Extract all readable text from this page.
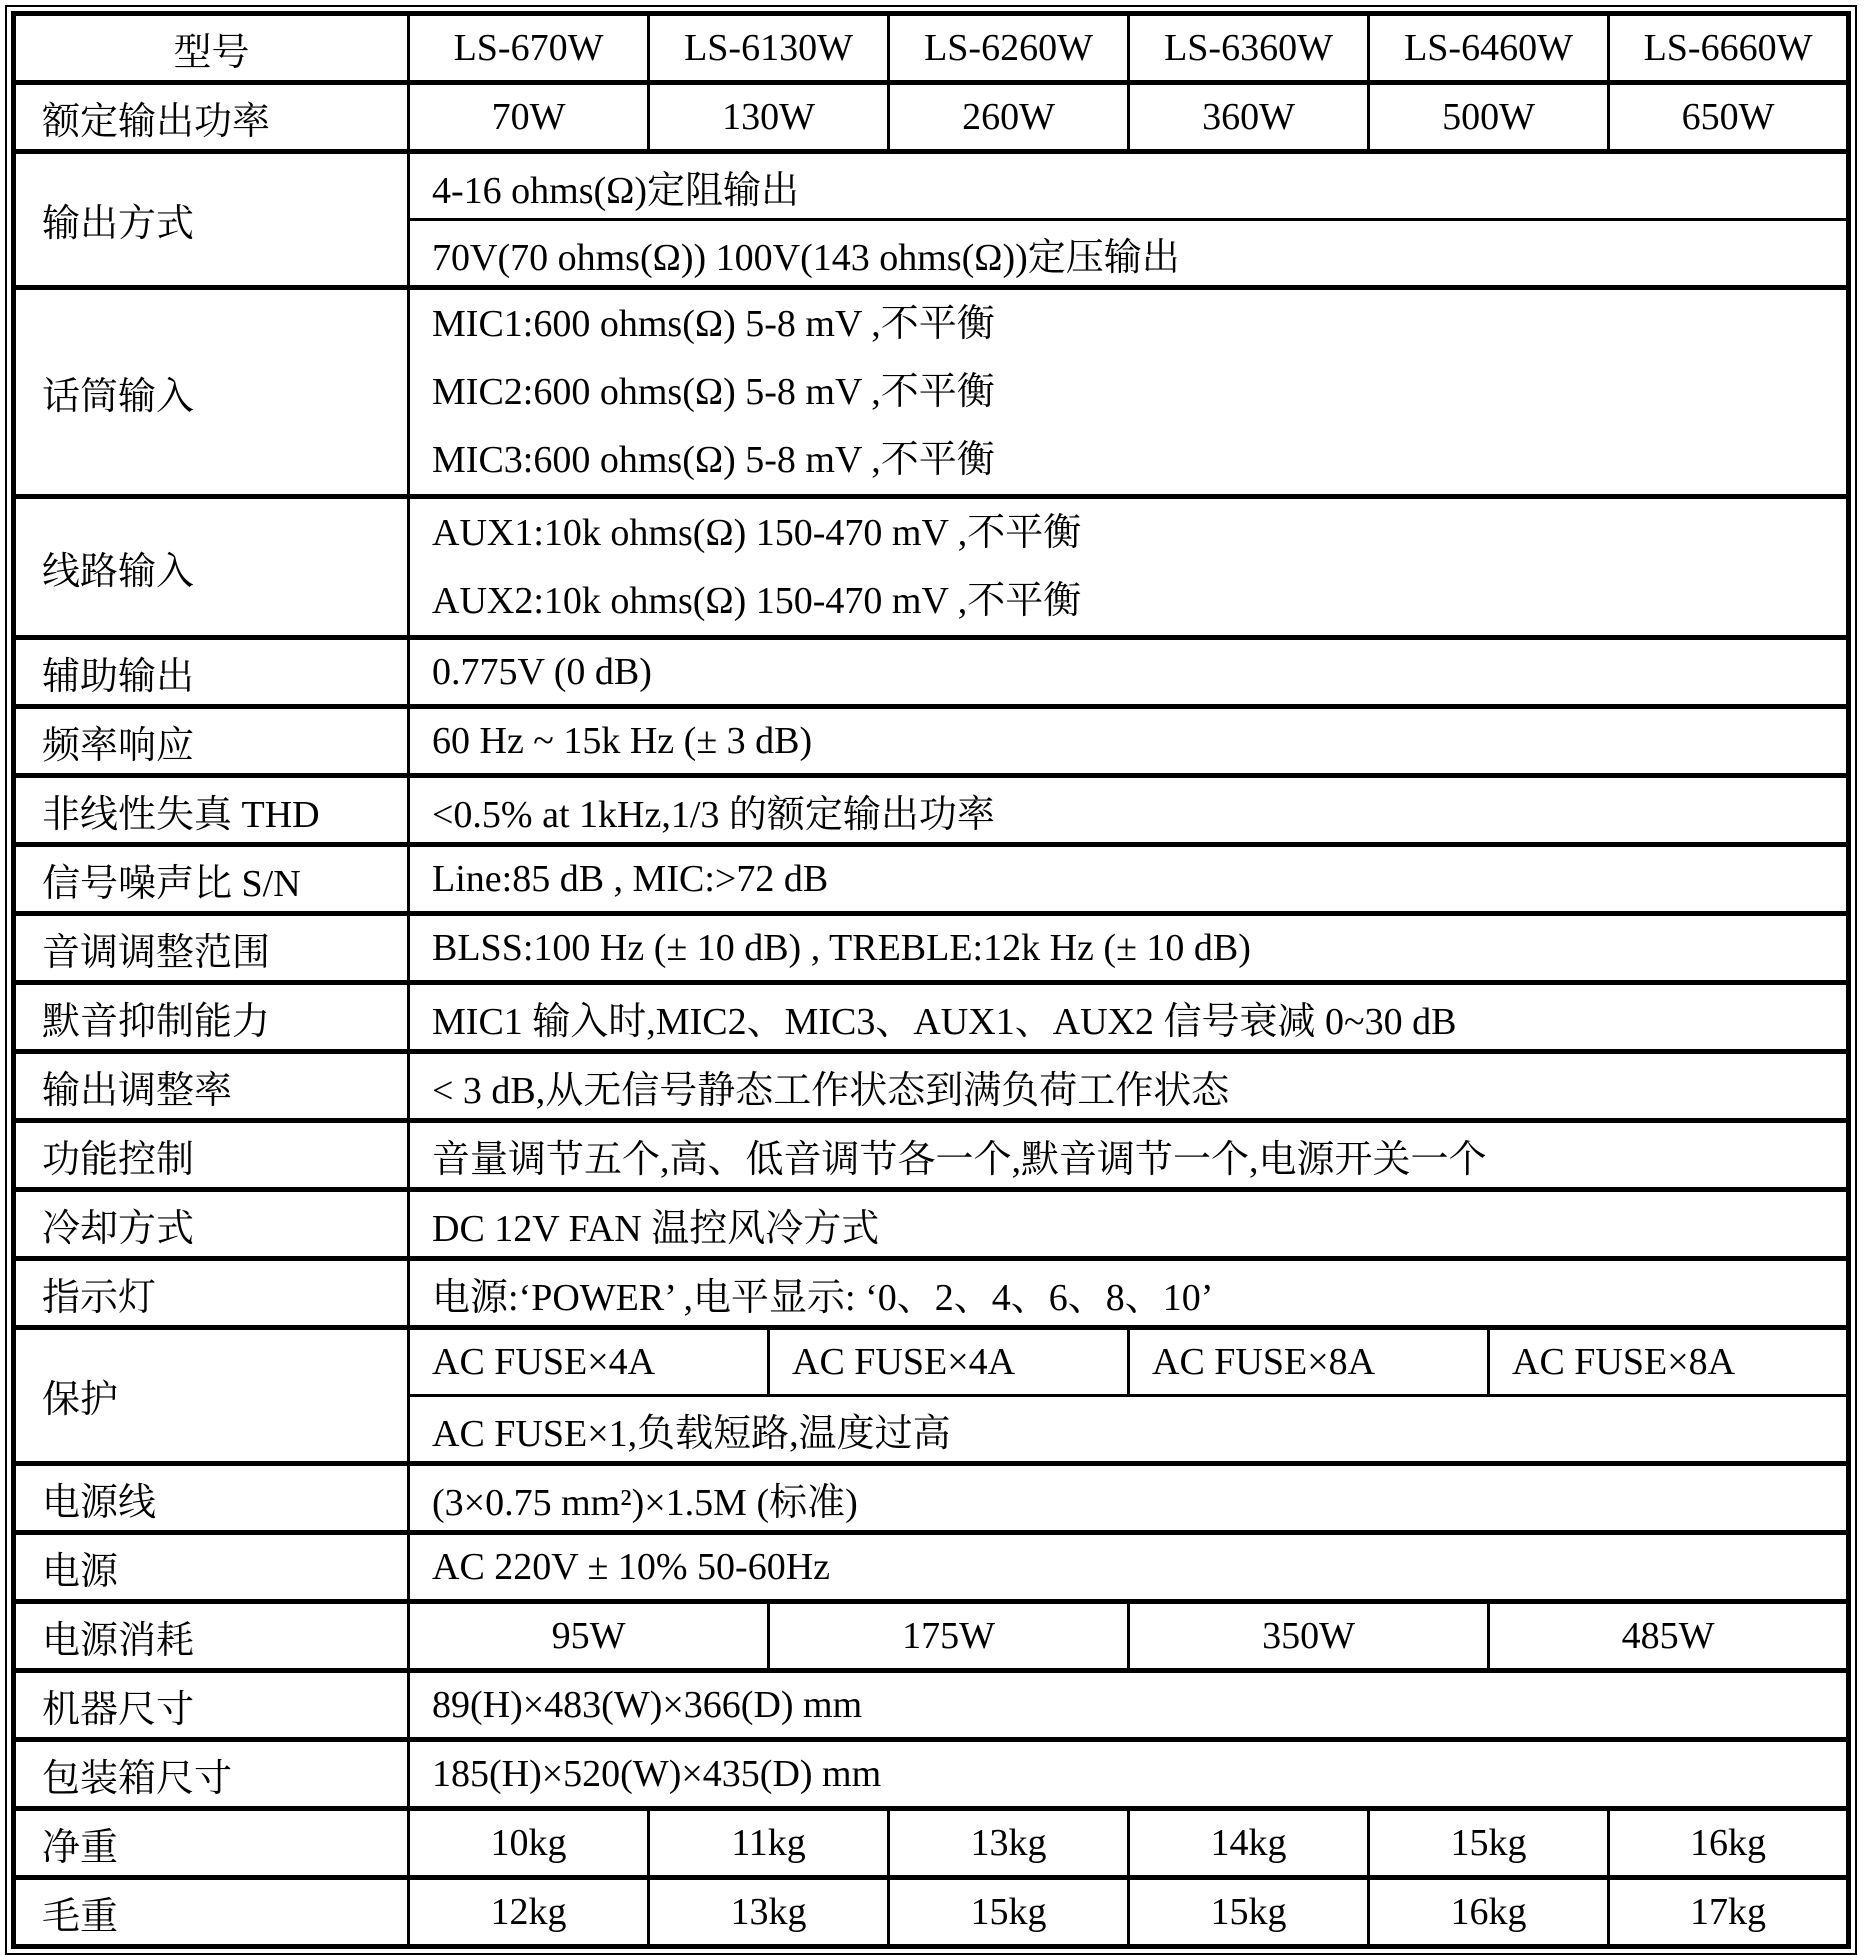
型号	LS-670W	LS-6130W		LS-6260W	LS-6360W	LS-6460W		LS-6660W
额定输出功率	70W	130W		260W	360W	500W		650W
输出方式	4-16 ohms(Ω)定阻输出							
	70V(70 ohms(Ω)) 100V(143 ohms(Ω))定压输出							
话筒输入	MIC1:600 ohms(Ω) 5-8 mV ,不平衡
MIC2:600 ohms(Ω) 5-8 mV ,不平衡
MIC3:600 ohms(Ω) 5-8 mV ,不平衡							

线路输入	AUX1:10k ohms(Ω) 150-470 mV ,不平衡
AUX2:10k ohms(Ω) 150-470 mV ,不平衡							

辅助输出	0.775V (0 dB)							
频率响应	60 Hz ~ 15k Hz (± 3 dB)							
非线性失真 THD	<0.5% at 1kHz,1/3 的额定输出功率							
信号噪声比 S/N	Line:85 dB , MIC:>72 dB							
音调调整范围	BLSS:100 Hz (± 10 dB) , TREBLE:12k Hz (± 10 dB)							
默音抑制能力	MIC1 输入时,MIC2、MIC3、AUX1、AUX2 信号衰减 0~30 dB							
输出调整率	< 3 dB,从无信号静态工作状态到满负荷工作状态							
功能控制	音量调节五个,高、低音调节各一个,默音调节一个,电源开关一个							
冷却方式	DC 12V FAN 温控风冷方式							
指示灯	电源:‘POWER’ ,电平显示: ‘0、2、4、6、8、10’							
保护	AC FUSE×4A		AC FUSE×4A		AC FUSE×8A		AC FUSE×8A	
	AC FUSE×1,负载短路,温度过高							
电源线	(3×0.75 mm²)×1.5M (标准)							
电源	AC 220V ± 10% 50-60Hz							
电源消耗	95W		175W		350W		485W	
机器尺寸	89(H)×483(W)×366(D) mm							
包装箱尺寸	185(H)×520(W)×435(D) mm							
净重	10kg	11kg		13kg	14kg	15kg		16kg
毛重	12kg	13kg		15kg	15kg	16kg		17kg
